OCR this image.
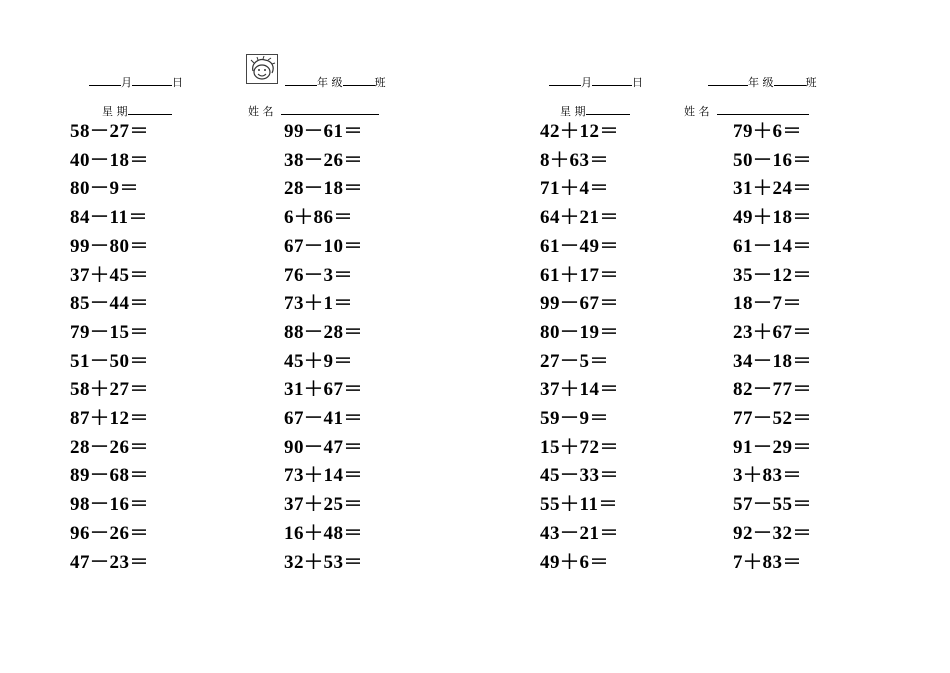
月	日	年 级	班
星 期	姓 名
月	日	年 级	班
星 期	姓 名
58－27＝
40－18＝
80－9＝
84－11＝
99－80＝
37＋45＝
85－44＝
79－15＝
51－50＝
58＋27＝
87＋12＝
28－26＝
89－68＝
98－16＝
96－26＝
47－23＝
99－61＝
38－26＝
28－18＝
6＋86＝
67－10＝
76－3＝
73＋1＝
88－28＝
45＋9＝
31＋67＝
67－41＝
90－47＝
73＋14＝
37＋25＝
16＋48＝
32＋53＝
42＋12＝
8＋63＝
71＋4＝
64＋21＝
61－49＝
61＋17＝
99－67＝
80－19＝
27－5＝
37＋14＝
59－9＝
15＋72＝
45－33＝
55＋11＝
43－21＝
49＋6＝
79＋6＝
50－16＝
31＋24＝
49＋18＝
61－14＝
35－12＝
18－7＝
23＋67＝
34－18＝
82－77＝
77－52＝
91－29＝
3＋83＝
57－55＝
92－32＝
7＋83＝
